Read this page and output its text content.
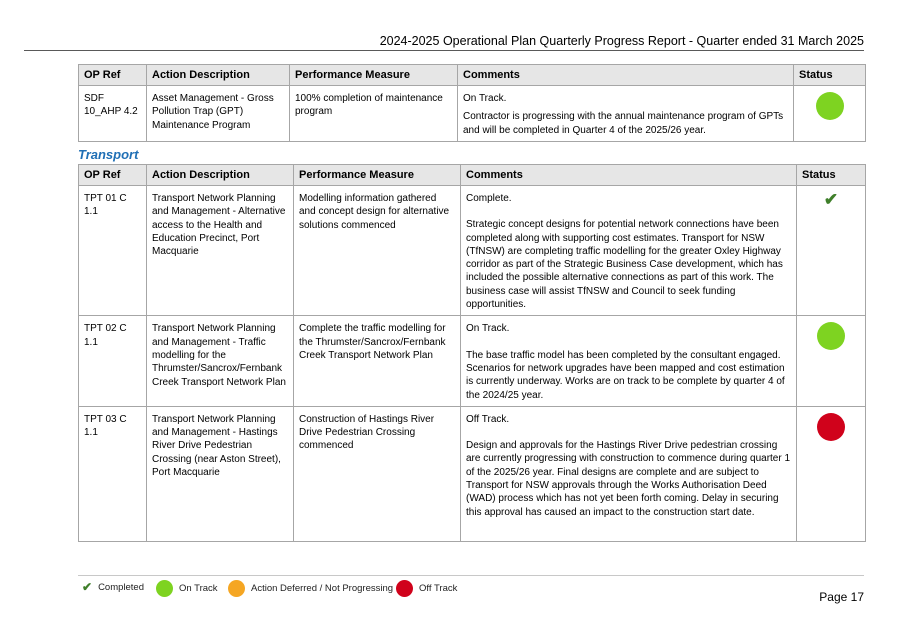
2024-2025 Operational Plan Quarterly Progress Report - Quarter ended 31 March 2025
OP Ref	Action Description	Performance Measure	Comments	Status
SDF 10_AHP 4.2	Asset Management - Gross Pollution Trap (GPT) Maintenance Program	100% completion of maintenance program	On Track.
Contractor is progressing with the annual maintenance program of GPTs and will be completed in Quarter 4 of the 2025/26 year.	

Transport
OP Ref	Action Description	Performance Measure	Comments	Status
TPT 01 C 1.1	Transport Network Planning and Management - Alternative access to the Health and Education Precinct, Port Macquarie	Modelling information gathered and concept design for alternative solutions commenced	Complete.
Strategic concept designs for potential network connections have been completed along with supporting cost estimates. Transport for NSW (TfNSW) are completing traffic modelling for the greater Oxley Highway corridor as part of the Strategic Business Case development, which has included the possible alternative connections as part of this work. The business case will assist TfNSW and Council to seek funding opportunities.	✔
TPT 02 C 1.1	Transport Network Planning and Management - Traffic modelling for the Thrumster/Sancrox/Fernbank Creek Transport Network Plan	Complete the traffic modelling for the Thrumster/Sancrox/Fernbank Creek Transport Network Plan	On Track.
The base traffic model has been completed by the consultant engaged. Scenarios for network upgrades have been mapped and cost estimation is currently underway. Works are on track to be complete by quarter 4 of the 2024/25 year.	

TPT 03 C 1.1	Transport Network Planning and Management - Hastings River Drive Pedestrian Crossing (near Aston Street), Port Macquarie	Construction of Hastings River Drive Pedestrian Crossing commenced	Off Track.
Design and approvals for the Hastings River Drive pedestrian crossing are currently progressing with construction to commence during quarter 1 of the 2025/26 year. Final designs are complete and are subject to Transport for NSW approvals through the Works Authorisation Deed (WAD) process which has not yet been forth coming. Delay in securing this approval has caused an impact to the construction start date.	

✔ Completed	On Track	Action Deferred / Not Progressing	Off Track
Page 17
